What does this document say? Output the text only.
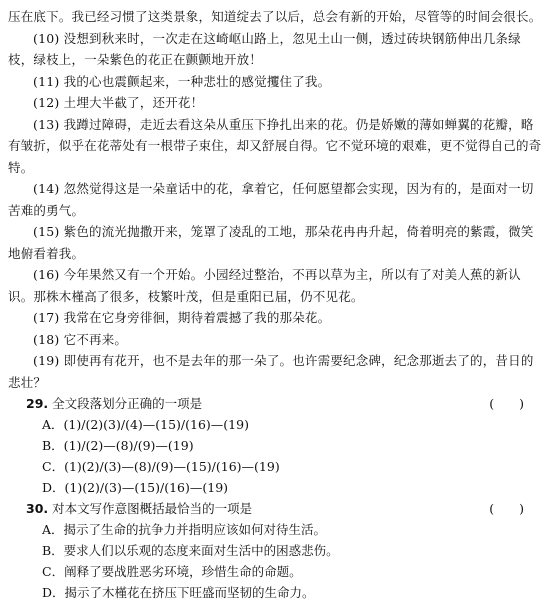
压在底下。我已经习惯了这类景象，知道绽去了以后，总会有新的开始，尽管等的时间会很长。

(10) 没想到秋来时，一次走在这崎岖山路上，忽见土山一侧，透过砖块钢筋伸出几条绿枝，绿枝上，一朵紫色的花正在颤颤地开放！

(11) 我的心也震颤起来，一种悲壮的感觉攫住了我。

(12) 土埋大半截了，还开花！

(13) 我蹲过障碍，走近去看这朵从重压下挣扎出来的花。仍是娇嫩的薄如蝉翼的花瓣，略有皱折，似乎在花蒂处有一根带子束住，却又舒展自得。它不觉环境的艰难，更不觉得自己的奇特。

(14) 忽然觉得这是一朵童话中的花，拿着它，任何愿望都会实现，因为有的，是面对一切苦难的勇气。

(15) 紫色的流光抛撒开来，笼罩了凌乱的工地，那朵花冉冉升起，倚着明亮的紫霞，微笑地俯看着我。

(16) 今年果然又有一个开始。小园经过整治，不再以草为主，所以有了对美人蕉的新认识。那株木槿高了很多，枝繁叶茂，但是重阳已届，仍不见花。

(17) 我常在它身旁徘徊，期待着震撼了我的那朵花。

(18) 它不再来。

(19) 即使再有花开，也不是去年的那一朵了。也许需要纪念碑，纪念那逝去了的，昔日的悲壮？

29. 全文段落划分正确的一项是	(　　)

A．(1)/(2)(3)/(4)—(15)/(16)—(19)

B．(1)/(2)—(8)/(9)—(19)

C．(1)(2)/(3)—(8)/(9)—(15)/(16)—(19)

D．(1)(2)/(3)—(15)/(16)—(19)

30. 对本文写作意图概括最恰当的一项是	(　　)

A．揭示了生命的抗争力并指明应该如何对待生活。

B．要求人们以乐观的态度来面对生活中的困惑悲伤。

C．阐释了要战胜恶劣环境，珍惜生命的命题。

D．揭示了木槿花在挤压下旺盛而坚韧的生命力。
